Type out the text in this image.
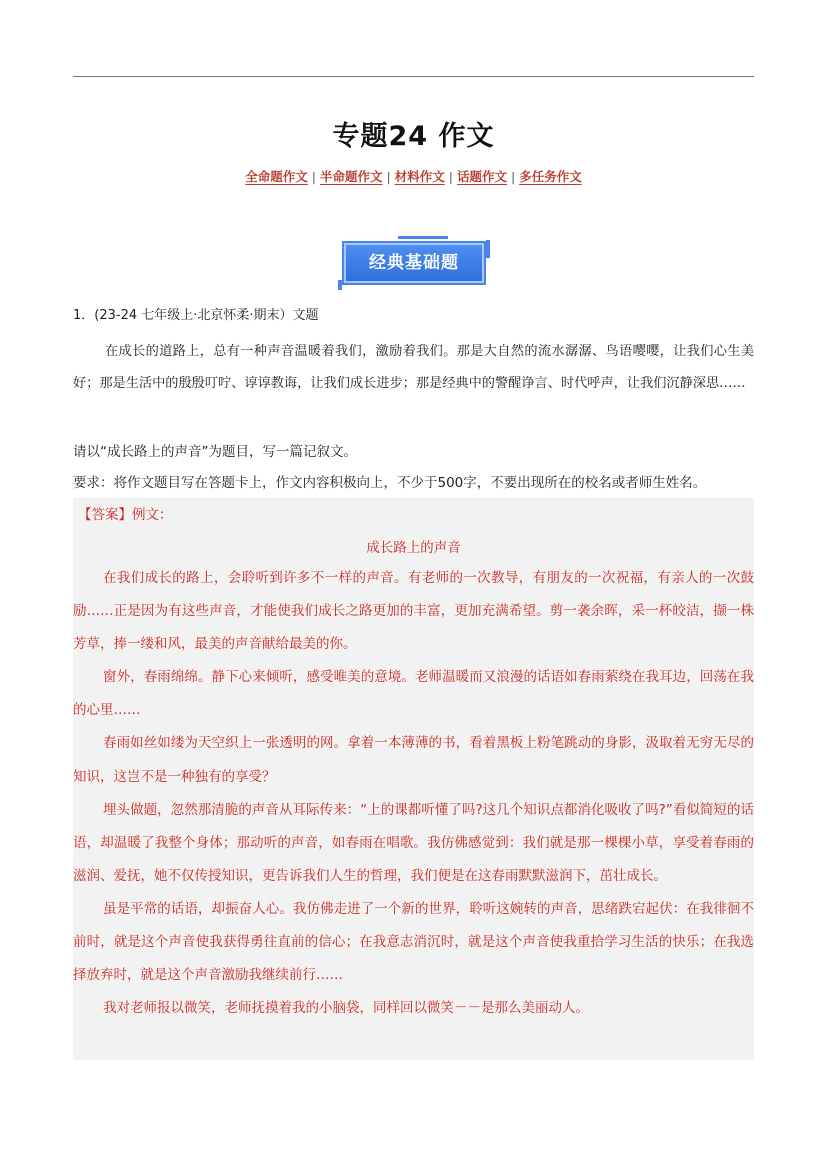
专题24 作文
全命题作文 | 半命题作文 | 材料作文 | 话题作文 | 多任务作文
经典基础题
1．(23-24 七年级上·北京怀柔·期末）文题
在成长的道路上，总有一种声音温暖着我们，激励着我们。那是大自然的流水潺潺、鸟语嘤嘤，让我们心生美好；那是生活中的殷殷叮咛、谆谆教诲，让我们成长进步；那是经典中的警醒诤言、时代呼声，让我们沉静深思……
请以“成长路上的声音”为题目，写一篇记叙文。
要求：将作文题目写在答题卡上，作文内容积极向上，不少于500字，不要出现所在的校名或者师生姓名。
【答案】例文：
成长路上的声音

在我们成长的路上，会聆听到许多不一样的声音。有老师的一次教导，有朋友的一次祝福，有亲人的一次鼓励……正是因为有这些声音，才能使我们成长之路更加的丰富，更加充满希望。剪一袭余晖，采一杯皎洁，撷一株芳草，捧一缕和风，最美的声音献给最美的你。

窗外，春雨绵绵。静下心来倾听，感受唯美的意境。老师温暖而又浪漫的话语如春雨萦绕在我耳边，回荡在我的心里……

春雨如丝如缕为天空织上一张透明的网。拿着一本薄薄的书，看着黑板上粉笔跳动的身影，汲取着无穷无尽的知识，这岂不是一种独有的享受？

埋头做题，忽然那清脆的声音从耳际传来：“上的课都听懂了吗?这几个知识点都消化吸收了吗?”看似简短的话语，却温暖了我整个身体；那动听的声音，如春雨在唱歌。我仿佛感觉到：我们就是那一棵棵小草，享受着春雨的滋润、爱抚，她不仅传授知识，更告诉我们人生的哲理，我们便是在这春雨默默滋润下，茁壮成长。

虽是平常的话语，却振奋人心。我仿佛走进了一个新的世界，聆听这婉转的声音，思绪跌宕起伏：在我徘徊不前时，就是这个声音使我获得勇往直前的信心；在我意志消沉时，就是这个声音使我重拾学习生活的快乐；在我选择放弃时，就是这个声音激励我继续前行……

我对老师报以微笑，老师抚摸着我的小脑袋，同样回以微笑－－是那么美丽动人。
